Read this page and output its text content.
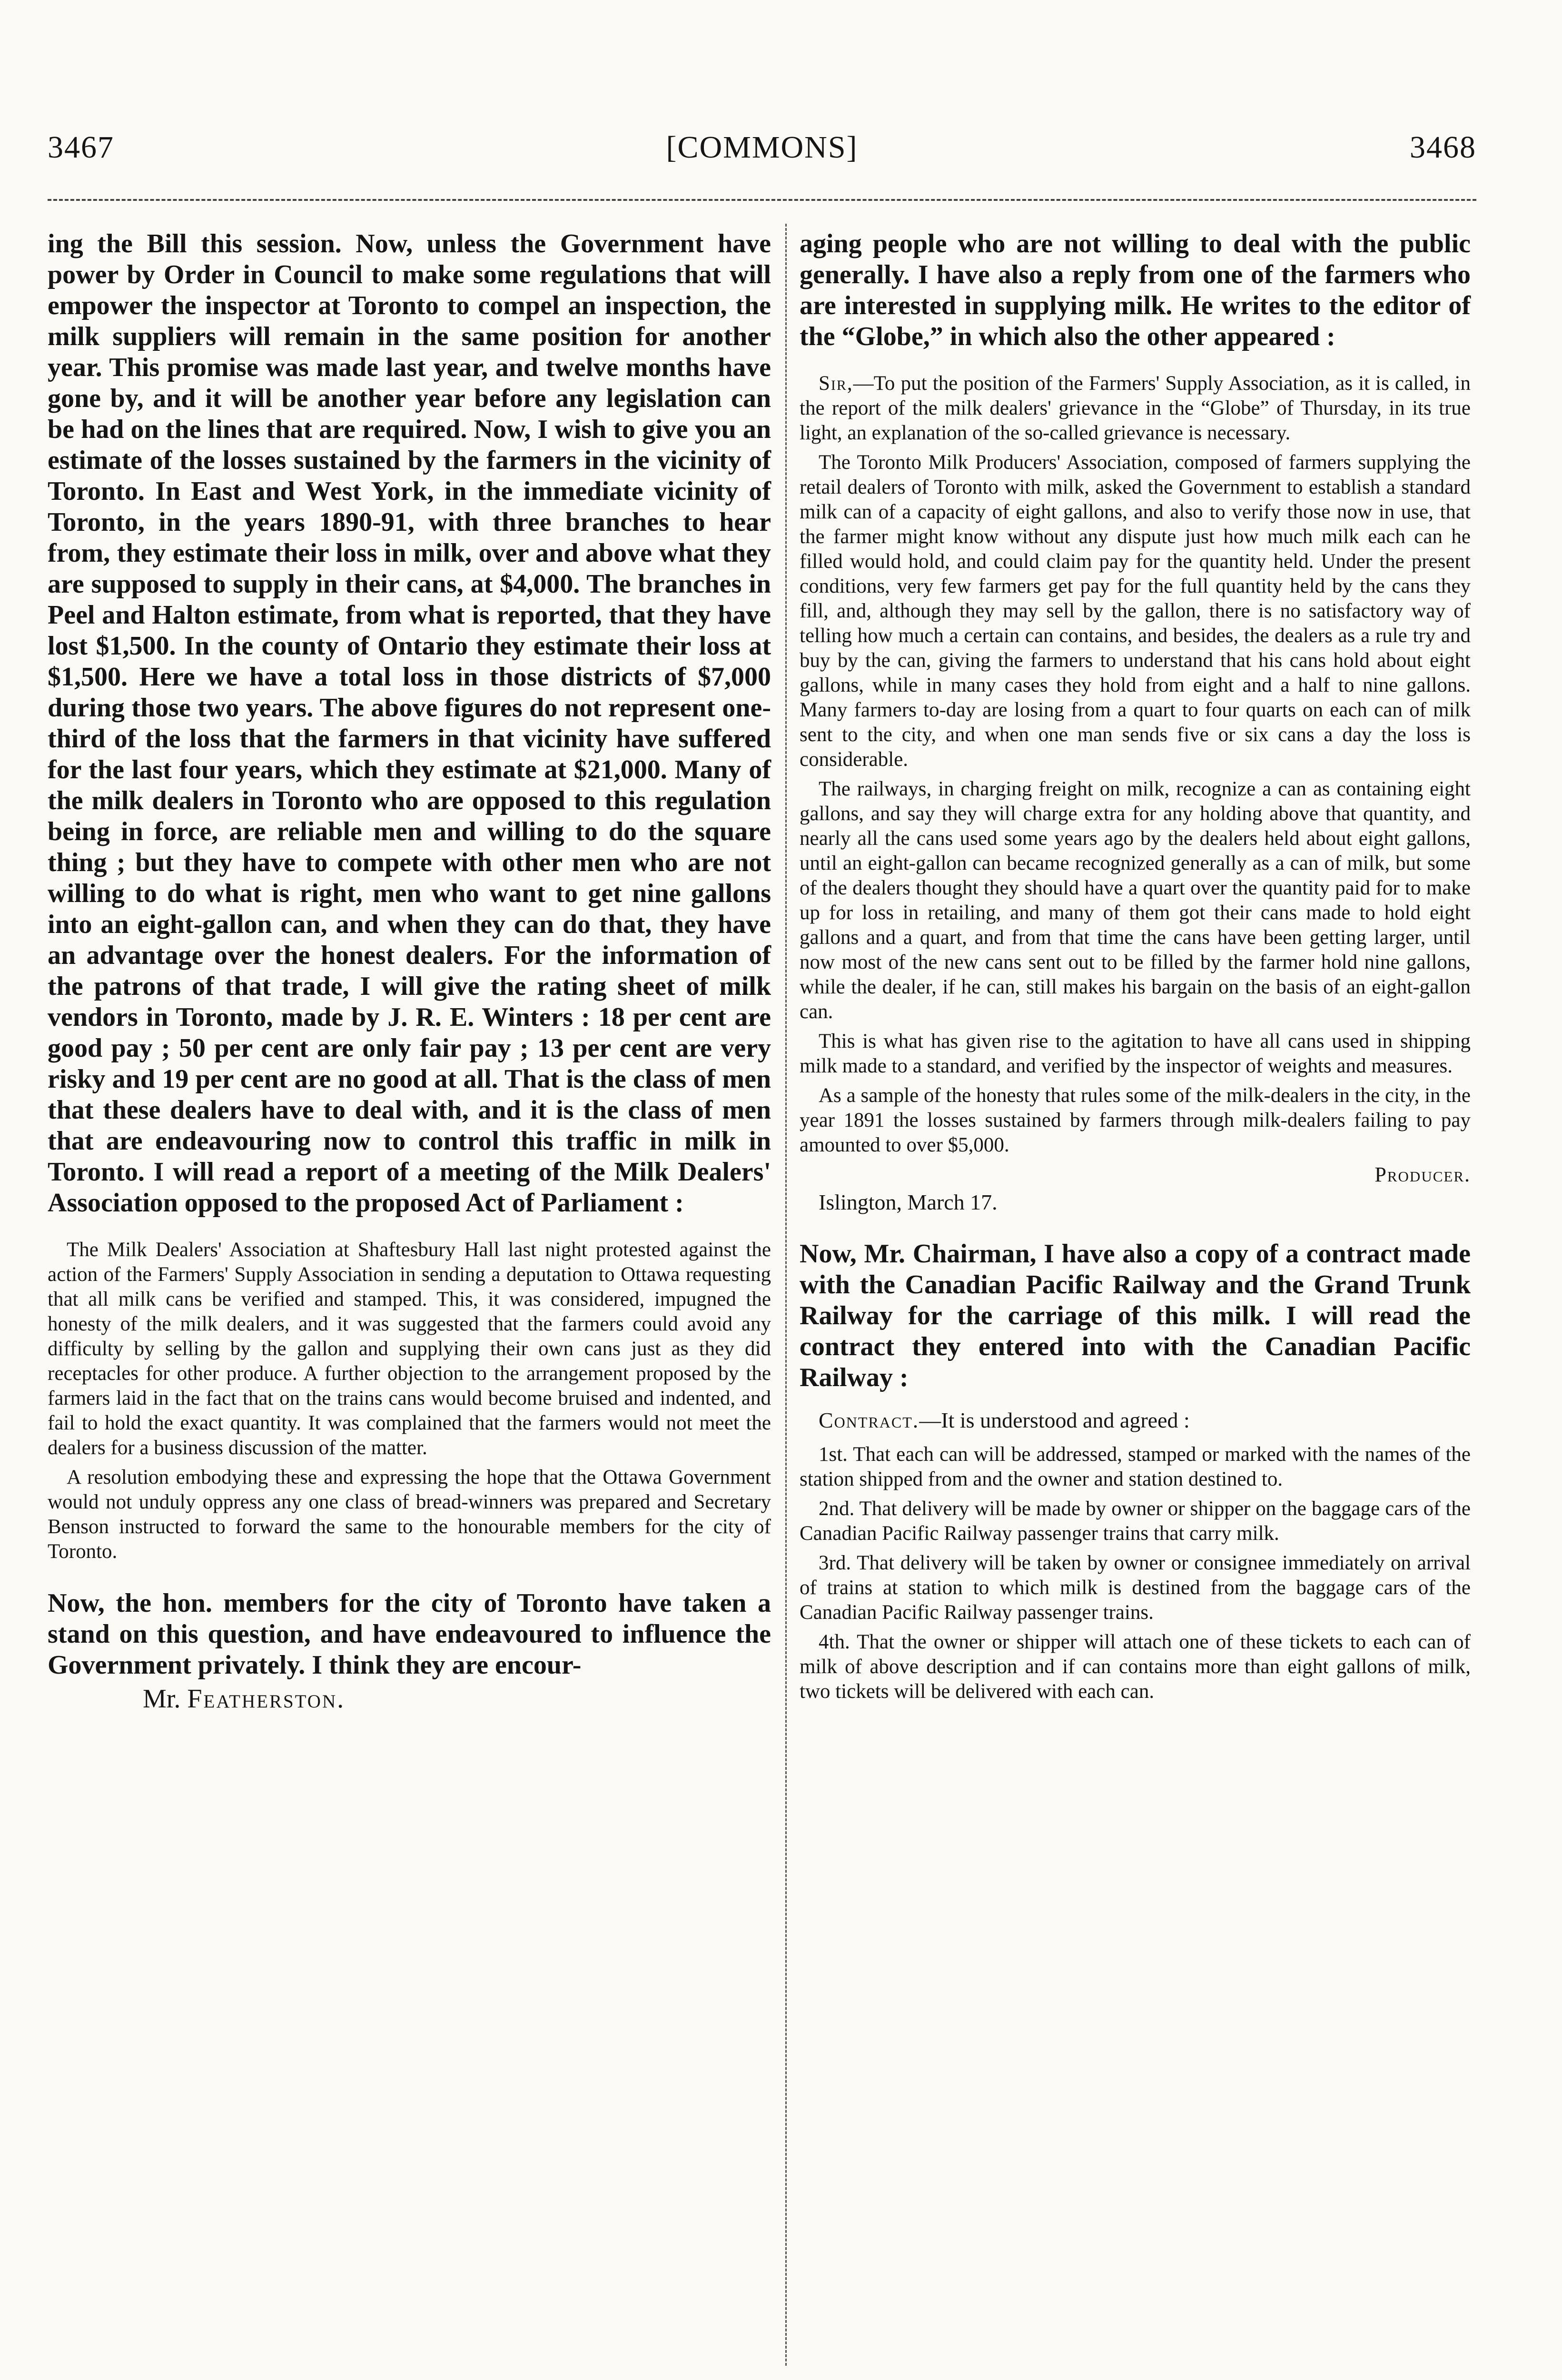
3467	[COMMONS]	3468

ing the Bill this session. Now, unless the Government have power by Order in Council to make some regulations that will empower the inspector at Toronto to compel an inspection, the milk suppliers will remain in the same position for another year. This promise was made last year, and twelve months have gone by, and it will be another year before any legislation can be had on the lines that are required. Now, I wish to give you an estimate of the losses sustained by the farmers in the vicinity of Toronto. In East and West York, in the immediate vicinity of Toronto, in the years 1890-91, with three branches to hear from, they estimate their loss in milk, over and above what they are supposed to supply in their cans, at $4,000. The branches in Peel and Halton estimate, from what is reported, that they have lost $1,500. In the county of Ontario they estimate their loss at $1,500. Here we have a total loss in those districts of $7,000 during those two years. The above figures do not represent one-third of the loss that the farmers in that vicinity have suffered for the last four years, which they estimate at $21,000. Many of the milk dealers in Toronto who are opposed to this regulation being in force, are reliable men and willing to do the square thing ; but they have to compete with other men who are not willing to do what is right, men who want to get nine gallons into an eight-gallon can, and when they can do that, they have an advantage over the honest dealers. For the information of the patrons of that trade, I will give the rating sheet of milk vendors in Toronto, made by J. R. E. Winters : 18 per cent are good pay ; 50 per cent are only fair pay ; 13 per cent are very risky and 19 per cent are no good at all. That is the class of men that these dealers have to deal with, and it is the class of men that are endeavouring now to control this traffic in milk in Toronto. I will read a report of a meeting of the Milk Dealers' Association opposed to the proposed Act of Parliament :

The Milk Dealers' Association at Shaftesbury Hall last night protested against the action of the Farmers' Supply Association in sending a deputation to Ottawa requesting that all milk cans be verified and stamped. This, it was considered, impugned the honesty of the milk dealers, and it was suggested that the farmers could avoid any difficulty by selling by the gallon and supplying their own cans just as they did receptacles for other produce. A further objection to the arrangement proposed by the farmers laid in the fact that on the trains cans would become bruised and indented, and fail to hold the exact quantity. It was complained that the farmers would not meet the dealers for a business discussion of the matter.

A resolution embodying these and expressing the hope that the Ottawa Government would not unduly oppress any one class of bread-winners was prepared and Secretary Benson instructed to forward the same to the honourable members for the city of Toronto.

Now, the hon. members for the city of Toronto have taken a stand on this question, and have endeavoured to influence the Government privately. I think they are encour-

Mr. Featherston.

aging people who are not willing to deal with the public generally. I have also a reply from one of the farmers who are interested in supplying milk. He writes to the editor of the “Globe,” in which also the other appeared :

Sir,—To put the position of the Farmers' Supply Association, as it is called, in the report of the milk dealers' grievance in the “Globe” of Thursday, in its true light, an explanation of the so-called grievance is necessary.

The Toronto Milk Producers' Association, composed of farmers supplying the retail dealers of Toronto with milk, asked the Government to establish a standard milk can of a capacity of eight gallons, and also to verify those now in use, that the farmer might know without any dispute just how much milk each can he filled would hold, and could claim pay for the quantity held. Under the present conditions, very few farmers get pay for the full quantity held by the cans they fill, and, although they may sell by the gallon, there is no satisfactory way of telling how much a certain can contains, and besides, the dealers as a rule try and buy by the can, giving the farmers to understand that his cans hold about eight gallons, while in many cases they hold from eight and a half to nine gallons. Many farmers to-day are losing from a quart to four quarts on each can of milk sent to the city, and when one man sends five or six cans a day the loss is considerable.

The railways, in charging freight on milk, recognize a can as containing eight gallons, and say they will charge extra for any holding above that quantity, and nearly all the cans used some years ago by the dealers held about eight gallons, until an eight-gallon can became recognized generally as a can of milk, but some of the dealers thought they should have a quart over the quantity paid for to make up for loss in retailing, and many of them got their cans made to hold eight gallons and a quart, and from that time the cans have been getting larger, until now most of the new cans sent out to be filled by the farmer hold nine gallons, while the dealer, if he can, still makes his bargain on the basis of an eight-gallon can.

This is what has given rise to the agitation to have all cans used in shipping milk made to a standard, and verified by the inspector of weights and measures.

As a sample of the honesty that rules some of the milk-dealers in the city, in the year 1891 the losses sustained by farmers through milk-dealers failing to pay amounted to over $5,000.

Producer.

Islington, March 17.

Now, Mr. Chairman, I have also a copy of a contract made with the Canadian Pacific Railway and the Grand Trunk Railway for the carriage of this milk. I will read the contract they entered into with the Canadian Pacific Railway :

Contract.—It is understood and agreed :

1st. That each can will be addressed, stamped or marked with the names of the station shipped from and the owner and station destined to.

2nd. That delivery will be made by owner or shipper on the baggage cars of the Canadian Pacific Railway passenger trains that carry milk.

3rd. That delivery will be taken by owner or consignee immediately on arrival of trains at station to which milk is destined from the baggage cars of the Canadian Pacific Railway passenger trains.

4th. That the owner or shipper will attach one of these tickets to each can of milk of above description and if can contains more than eight gallons of milk, two tickets will be delivered with each can.
